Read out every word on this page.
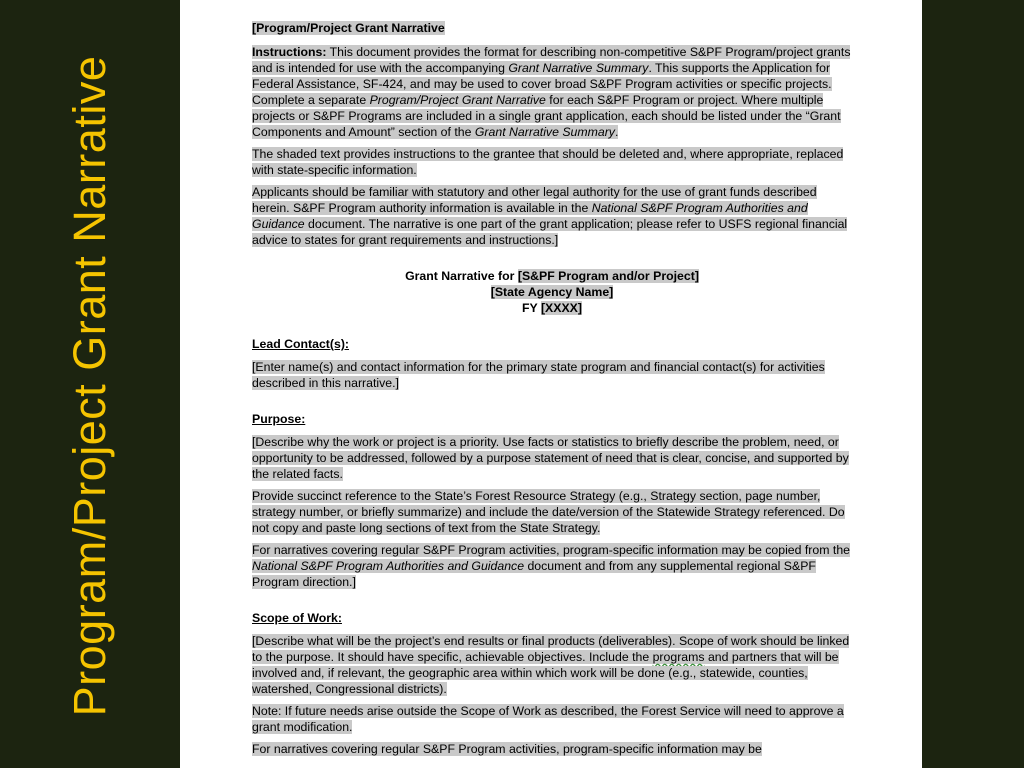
Program/Project Grant Narrative
[Program/Project Grant Narrative

Instructions: This document provides the format for describing non-competitive S&PF Program/project grants and is intended for use with the accompanying Grant Narrative Summary. This supports the Application for Federal Assistance, SF-424, and may be used to cover broad S&PF Program activities or specific projects. Complete a separate Program/Project Grant Narrative for each S&PF Program or project. Where multiple projects or S&PF Programs are included in a single grant application, each should be listed under the “Grant Components and Amount” section of the Grant Narrative Summary.

The shaded text provides instructions to the grantee that should be deleted and, where appropriate, replaced with state-specific information.

Applicants should be familiar with statutory and other legal authority for the use of grant funds described herein. S&PF Program authority information is available in the National S&PF Program Authorities and Guidance document. The narrative is one part of the grant application; please refer to USFS regional financial advice to states for grant requirements and instructions.]

Grant Narrative for [S&PF Program and/or Project]
[State Agency Name]
FY [XXXX]
Lead Contact(s):

[Enter name(s) and contact information for the primary state program and financial contact(s) for activities described in this narrative.]

Purpose:

[Describe why the work or project is a priority. Use facts or statistics to briefly describe the problem, need, or opportunity to be addressed, followed by a purpose statement of need that is clear, concise, and supported by the related facts.

Provide succinct reference to the State’s Forest Resource Strategy (e.g., Strategy section, page number, strategy number, or briefly summarize) and include the date/version of the Statewide Strategy referenced. Do not copy and paste long sections of text from the State Strategy.

For narratives covering regular S&PF Program activities, program-specific information may be copied from the National S&PF Program Authorities and Guidance document and from any supplemental regional S&PF Program direction.]

Scope of Work:

[Describe what will be the project’s end results or final products (deliverables). Scope of work should be linked to the purpose. It should have specific, achievable objectives. Include the programs and partners that will be involved and, if relevant, the geographic area within which work will be done (e.g., statewide, counties, watershed, Congressional districts).

Note: If future needs arise outside the Scope of Work as described, the Forest Service will need to approve a grant modification.

For narratives covering regular S&PF Program activities, program-specific information may be
